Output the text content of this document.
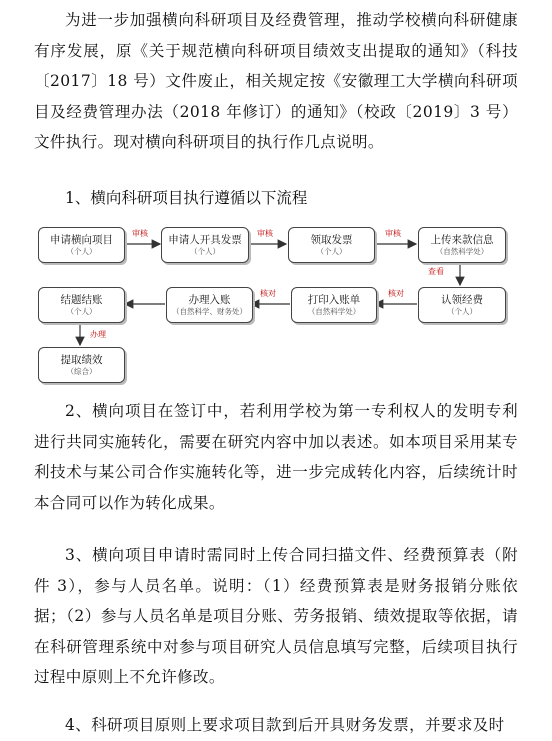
为进一步加强横向科研项目及经费管理，推动学校横向科研健康有序发展，原《关于规范横向科研项目绩效支出提取的通知》（科技〔2017〕18 号）文件废止，相关规定按《安徽理工大学横向科研项目及经费管理办法（2018 年修订）的通知》（校政〔2019〕3 号）文件执行。现对横向科研项目的执行作几点说明。

1、横向科研项目执行遵循以下流程

申请横向项目
（个人）
申请人开具发票
（个人）
领取发票
（个人）
上传来款信息
（自然科学处）
认领经费
（个人）
打印入账单
（自然科学处）
办理入账
（自然科学、财务处）
结题结账
（个人）
提取绩效
（综合）
审核	审核	审核
查看
核对
核对
办理

2、横向项目在签订中，若利用学校为第一专利权人的发明专利进行共同实施转化，需要在研究内容中加以表述。如本项目采用某专利技术与某公司合作实施转化等，进一步完成转化内容，后续统计时本合同可以作为转化成果。

3、横向项目申请时需同时上传合同扫描文件、经费预算表（附件 3），参与人员名单。说明：（1）经费预算表是财务报销分账依据；（2）参与人员名单是项目分账、劳务报销、绩效提取等依据，请在科研管理系统中对参与项目研究人员信息填写完整，后续项目执行过程中原则上不允许修改。

4、科研项目原则上要求项目款到后开具财务发票，并要求及时
